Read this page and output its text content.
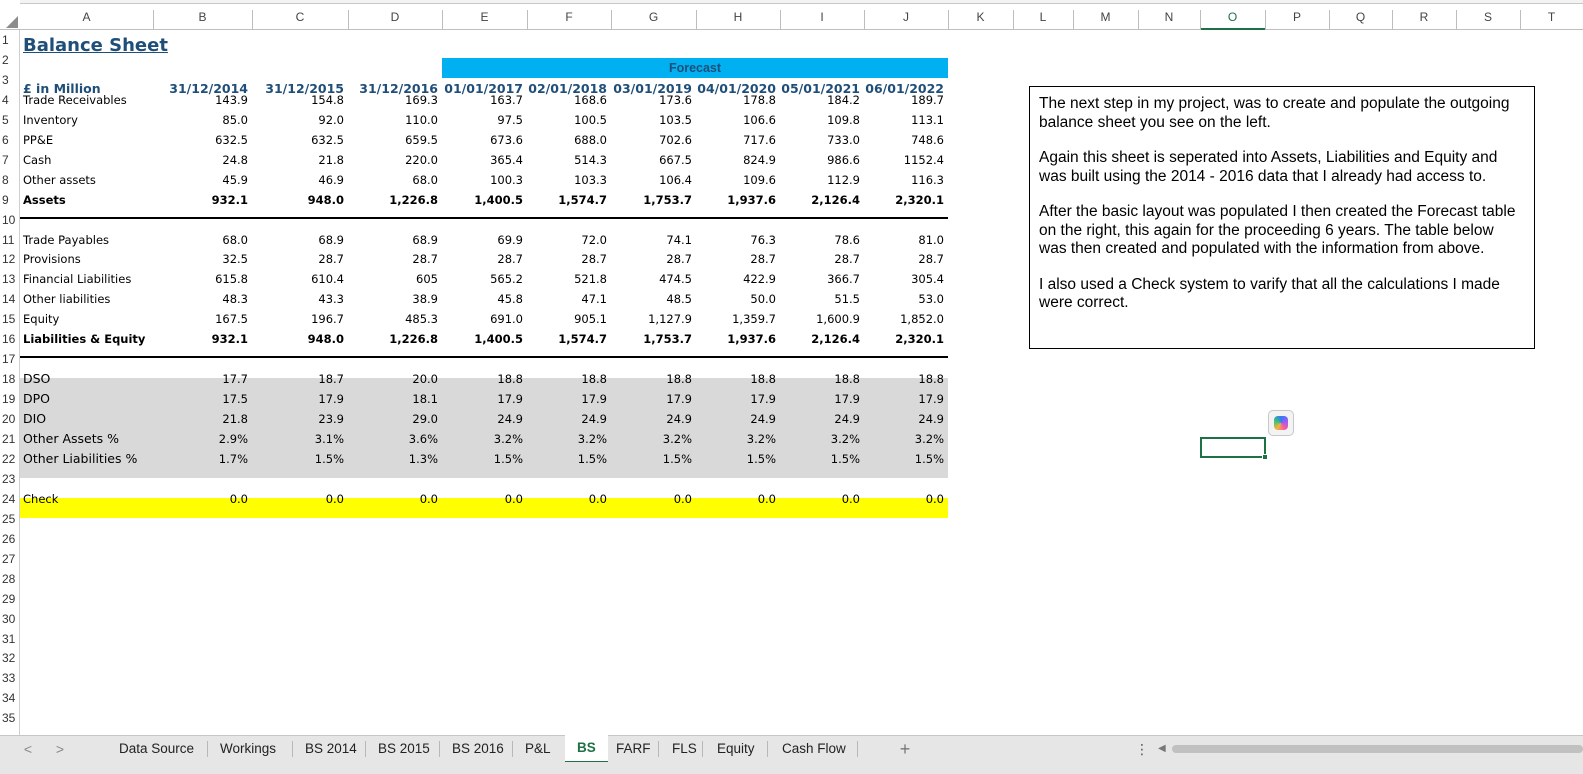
A	B	C	D	E	F	G	H	I	J	K	L	M	N	O	P	Q	R	S	T
1
2
3
4
5
6
7
8
9
10
11
12
13
14
15
16
17
18
19
20
21
22
23
24
25
26
27
28
29
30
31
32
33
34
35
Balance Sheet
Forecast
£ in Million	31/12/2014	31/12/2015	31/12/2016 01/01/2017 02/01/2018 03/01/2019 04/01/2020 05/01/2021 06/01/2022
Trade Receivables	143.9	154.8	169.3	163.7	168.6	173.6	178.8	184.2	189.7
Inventory	85.0	92.0	110.0	97.5	100.5	103.5	106.6	109.8	113.1
PP&E	632.5	632.5	659.5	673.6	688.0	702.6	717.6	733.0	748.6
Cash	24.8	21.8	220.0	365.4	514.3	667.5	824.9	986.6	1152.4
Other assets	45.9	46.9	68.0	100.3	103.3	106.4	109.6	112.9	116.3
Assets	932.1	948.0	1,226.8	1,400.5	1,574.7	1,753.7	1,937.6	2,126.4	2,320.1
Trade Payables	68.0	68.9	68.9	69.9	72.0	74.1	76.3	78.6	81.0
Provisions	32.5	28.7	28.7	28.7	28.7	28.7	28.7	28.7	28.7
Financial Liabilities	615.8	610.4	605	565.2	521.8	474.5	422.9	366.7	305.4
Other liabilities	48.3	43.3	38.9	45.8	47.1	48.5	50.0	51.5	53.0
Equity	167.5	196.7	485.3	691.0	905.1	1,127.9	1,359.7	1,600.9	1,852.0
Liabilities & Equity	932.1	948.0	1,226.8	1,400.5	1,574.7	1,753.7	1,937.6	2,126.4	2,320.1
DSO	17.7	18.7	20.0	18.8	18.8	18.8	18.8	18.8	18.8
DPO	17.5	17.9	18.1	17.9	17.9	17.9	17.9	17.9	17.9
DIO	21.8	23.9	29.0	24.9	24.9	24.9	24.9	24.9	24.9
Other Assets %	2.9%	3.1%	3.6%	3.2%	3.2%	3.2%	3.2%	3.2%	3.2%
Other Liabilities %	1.7%	1.5%	1.3%	1.5%	1.5%	1.5%	1.5%	1.5%	1.5%
Check	0.0	0.0	0.0	0.0	0.0	0.0	0.0	0.0	0.0

The next step in my project, was to create and populate the outgoing balance sheet you see on the left.

Again this sheet is seperated into Assets, Liabilities and Equity and was built using the 2014 - 2016 data that I already had access to.

After the basic layout was populated I then created the Forecast table on the right, this again for the proceeding 6 years. The table below was then created and populated with the information from above.

I also used a Check system to varify that all the calculations I made were correct.

<	>	Data Source	Workings	BS 2014	BS 2015	BS 2016	P&L	BS	FARF	FLS	Equity	Cash Flow	+	⋮ ◀
